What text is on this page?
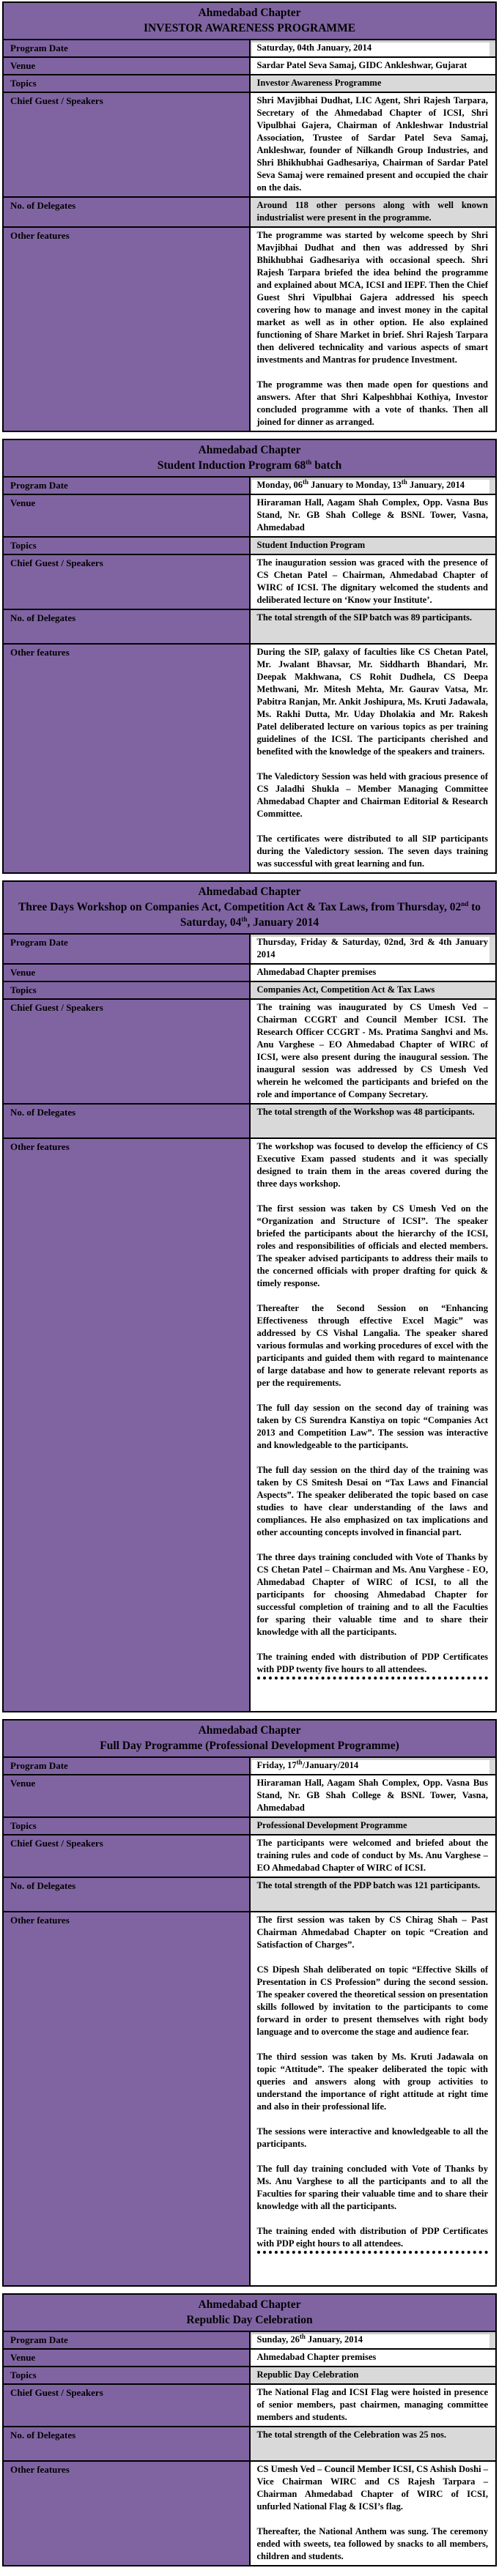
Ahmedabad Chapter
INVESTOR AWARENESS PROGRAMME	

Program Date	Saturday, 04th January, 2014

Venue	Sardar Patel Seva Samaj, GIDC Ankleshwar, Gujarat

Topics	Investor Awareness Programme

Chief Guest / Speakers	Shri Mavjibhai Dudhat, LIC Agent, Shri Rajesh Tarpara, Secretary of the Ahmedabad Chapter of ICSI, Shri Vipulbhai Gajera, Chairman of Ankleshwar Industrial Association, Trustee of Sardar Patel Seva Samaj, Ankleshwar, founder of Nilkandh Group Industries, and Shri Bhikhubhai Gadhesariya, Chairman of Sardar Patel Seva Samaj were remained present and occupied the chair on the dais.

No. of Delegates	Around 118 other persons along with well known industrialist were present in the programme.

Other features	The programme was started by welcome speech by Shri Mavjibhai Dudhat and then was addressed by Shri Bhikhubhai Gadhesariya with occasional speech. Shri Rajesh Tarpara briefed the idea behind the programme and explained about MCA, ICSI and IEPF. Then the Chief Guest Shri Vipulbhai Gajera addressed his speech covering how to manage and invest money in the capital market as well as in other option. He also explained functioning of Share Market in brief. Shri Rajesh Tarpara then delivered technicality and various aspects of smart investments and Mantras for prudence Investment.

The programme was then made open for questions and answers. After that Shri Kalpeshbhai Kothiya, Investor concluded programme with a vote of thanks. Then all joined for dinner as arranged.

Ahmedabad Chapter
Student Induction Program 68th batch	

Program Date	Monday, 06th January to Monday, 13th January, 2014

Venue	Hiraraman Hall, Aagam Shah Complex, Opp. Vasna Bus Stand, Nr. GB Shah College & BSNL Tower, Vasna, Ahmedabad

Topics	Student Induction Program

Chief Guest / Speakers	The inauguration session was graced with the presence of CS Chetan Patel – Chairman, Ahmedabad Chapter of WIRC of ICSI. The dignitary welcomed the students and deliberated lecture on ‘Know your Institute’.

No. of Delegates	The total strength of the SIP batch was 89 participants.

Other features	During the SIP, galaxy of faculties like CS Chetan Patel, Mr. Jwalant Bhavsar, Mr. Siddharth Bhandari, Mr. Deepak Makhwana, CS Rohit Dudhela, CS Deepa Methwani, Mr. Mitesh Mehta, Mr. Gaurav Vatsa, Mr. Pabitra Ranjan, Mr. Ankit Joshipura, Ms. Kruti Jadawala, Ms. Rakhi Dutta, Mr. Uday Dholakia and Mr. Rakesh Patel deliberated lecture on various topics as per training guidelines of the ICSI. The participants cherished and benefited with the knowledge of the speakers and trainers.

The Valedictory Session was held with gracious presence of CS Jaladhi Shukla – Member Managing Committee Ahmedabad Chapter and Chairman Editorial & Research Committee.

The certificates were distributed to all SIP participants during the Valedictory session. The seven days training was successful with great learning and fun.

Ahmedabad Chapter
Three Days Workshop on Companies Act, Competition Act & Tax Laws, from Thursday, 02nd to Saturday, 04th, January 2014	

Program Date	Thursday, Friday & Saturday, 02nd, 3rd & 4th January 2014

Venue	Ahmedabad Chapter premises

Topics	Companies Act, Competition Act & Tax Laws

Chief Guest / Speakers	The training was inaugurated by CS Umesh Ved – Chairman CCGRT and Council Member ICSI. The Research Officer CCGRT - Ms. Pratima Sanghvi and Ms. Anu Varghese – EO Ahmedabad Chapter of WIRC of ICSI, were also present during the inaugural session. The inaugural session was addressed by CS Umesh Ved wherein he welcomed the participants and briefed on the role and importance of Company Secretary.

No. of Delegates	The total strength of the Workshop was 48 participants.

Other features	The workshop was focused to develop the efficiency of CS Executive Exam passed students and it was specially designed to train them in the areas covered during the three days workshop.

The first session was taken by CS Umesh Ved on the “Organization and Structure of ICSI”. The speaker briefed the participants about the hierarchy of the ICSI, roles and responsibilities of officials and elected members. The speaker advised participants to address their mails to the concerned officials with proper drafting for quick & timely response.

Thereafter the Second Session on “Enhancing Effectiveness through effective Excel Magic” was addressed by CS Vishal Langalia. The speaker shared various formulas and working procedures of excel with the participants and guided them with regard to maintenance of large database and how to generate relevant reports as per the requirements.

The full day session on the second day of training was taken by CS Surendra Kanstiya on topic “Companies Act 2013 and Competition Law”. The session was interactive and knowledgeable to the participants.

The full day session on the third day of the training was taken by CS Smitesh Desai on “Tax Laws and Financial Aspects”. The speaker deliberated the topic based on case studies to have clear understanding of the laws and compliances. He also emphasized on tax implications and other accounting concepts involved in financial part.

The three days training concluded with Vote of Thanks by CS Chetan Patel – Chairman and Ms. Anu Varghese - EO, Ahmedabad Chapter of WIRC of ICSI, to all the participants for choosing Ahmedabad Chapter for successful completion of training and to all the Faculties for sparing their valuable time and to share their knowledge with all the participants.

The training ended with distribution of PDP Certificates with PDP twenty five hours to all attendees.

Ahmedabad Chapter
Full Day Programme (Professional Development Programme)	

Program Date	Friday, 17th/January/2014

Venue	Hiraraman Hall, Aagam Shah Complex, Opp. Vasna Bus Stand, Nr. GB Shah College & BSNL Tower, Vasna, Ahmedabad

Topics	Professional Development Programme

Chief Guest / Speakers	The participants were welcomed and briefed about the training rules and code of conduct by Ms. Anu Varghese – EO Ahmedabad Chapter of WIRC of ICSI.

No. of Delegates	The total strength of the PDP batch was 121 participants.

Other features	The first session was taken by CS Chirag Shah – Past Chairman Ahmedabad Chapter on topic “Creation and Satisfaction of Charges”.

CS Dipesh Shah deliberated on topic “Effective Skills of Presentation in CS Profession” during the second session. The speaker covered the theoretical session on presentation skills followed by invitation to the participants to come forward in order to present themselves with right body language and to overcome the stage and audience fear.

The third session was taken by Ms. Kruti Jadawala on topic “Attitude”. The speaker deliberated the topic with queries and answers along with group activities to understand the importance of right attitude at right time and also in their professional life.

The sessions were interactive and knowledgeable to all the participants.

The full day training concluded with Vote of Thanks by Ms. Anu Varghese to all the participants and to all the Faculties for sparing their valuable time and to share their knowledge with all the participants.

The training ended with distribution of PDP Certificates with PDP eight hours to all attendees.

Ahmedabad Chapter
Republic Day Celebration	

Program Date	Sunday, 26th January, 2014

Venue	Ahmedabad Chapter premises

Topics	Republic Day Celebration

Chief Guest / Speakers	The National Flag and ICSI Flag were hoisted in presence of senior members, past chairmen, managing committee members and students.

No. of Delegates	The total strength of the Celebration was 25 nos.

Other features	CS Umesh Ved – Council Member ICSI, CS Ashish Doshi – Vice Chairman WIRC and CS Rajesh Tarpara – Chairman Ahmedabad Chapter of WIRC of ICSI, unfurled National Flag & ICSI’s flag.

Thereafter, the National Anthem was sung. The ceremony ended with sweets, tea followed by snacks to all members, children and students.
